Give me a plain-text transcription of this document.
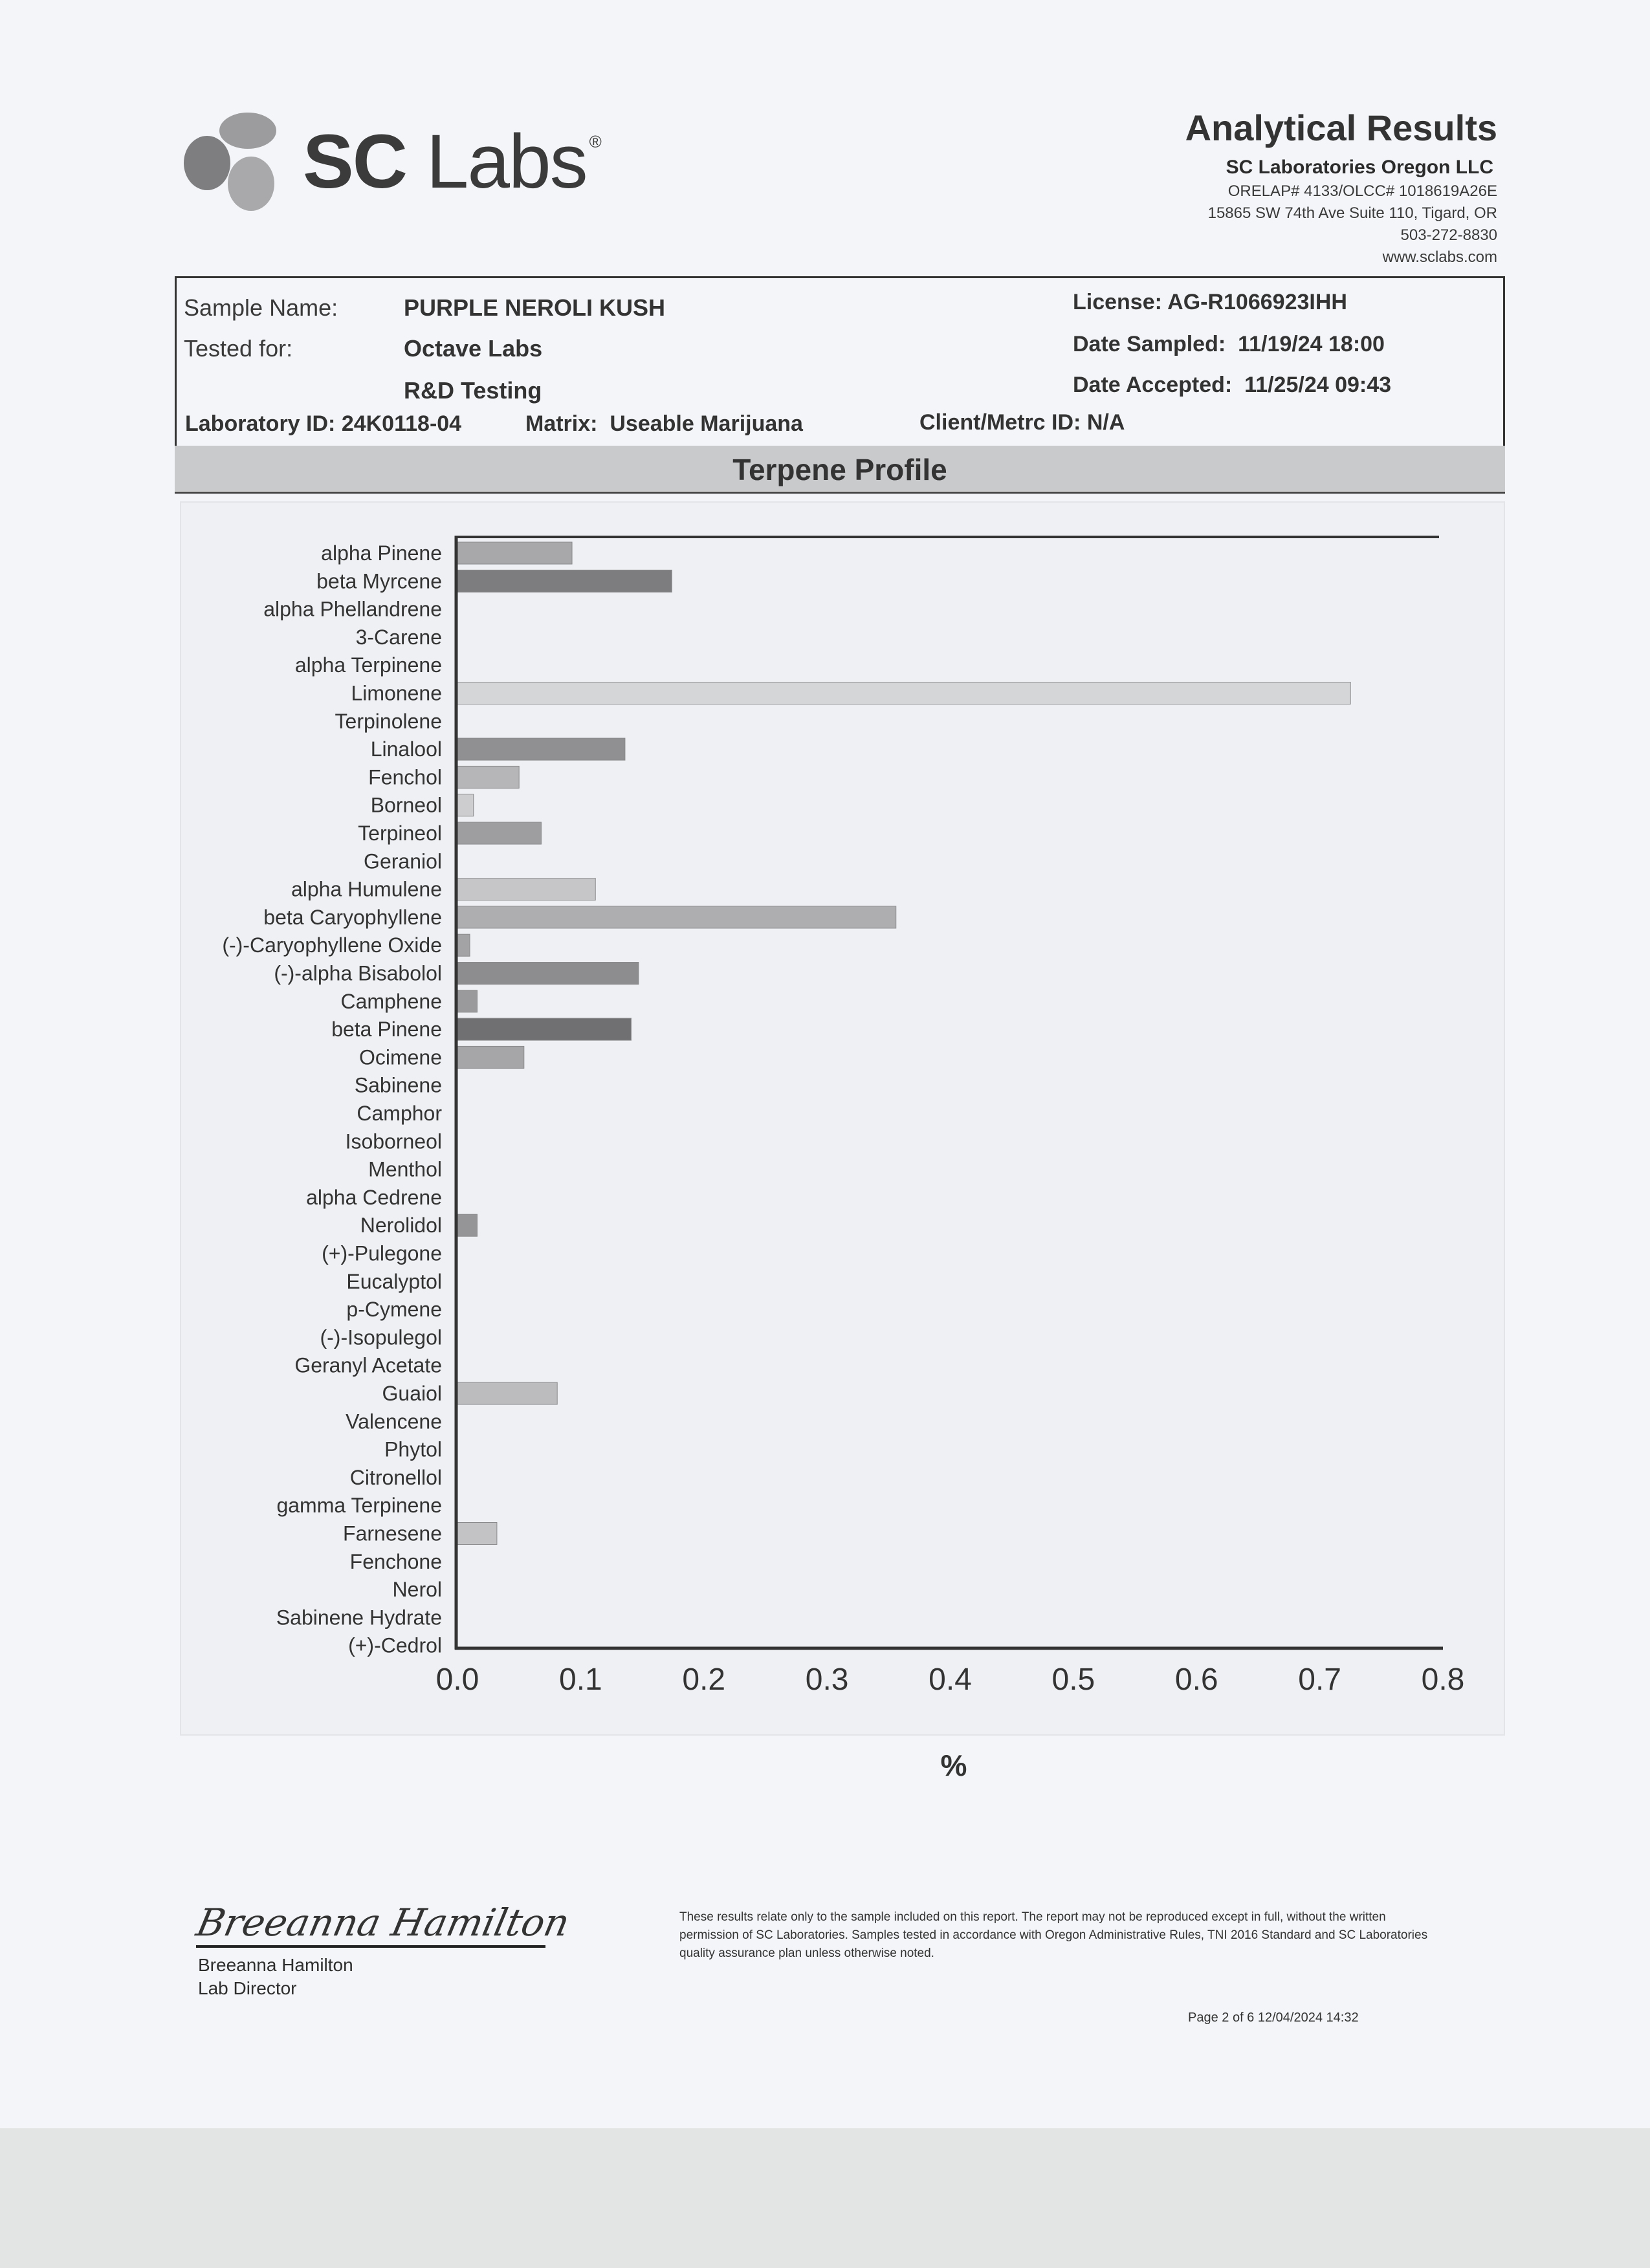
SC Labs ®	Analytical Results
SC Laboratories Oregon LLC
ORELAP# 4133/OLCC# 1018619A26E
15865 SW 74th Ave Suite 110, Tigard, OR
503-272-8830
www.sclabs.com
Sample Name:	PURPLE NEROLI KUSH
Tested for:	Octave Labs
R&D Testing
Laboratory ID: 24K0118-04	Matrix: Useable Marijuana	Client/Metrc ID: N/A
License: AG-R1066923IHH
Date Sampled: 11/19/24 18:00
Date Accepted: 11/25/24 09:43
Terpene Profile
alpha Pinene
beta Myrcene
alpha Phellandrene
3-Carene
alpha Terpinene
Limonene
Terpinolene
Linalool
Fenchol
Borneol
Terpineol
Geraniol
alpha Humulene
beta Caryophyllene
(-)-Caryophyllene Oxide
(-)-alpha Bisabolol
Camphene
beta Pinene
Ocimene
Sabinene
Camphor
Isoborneol
Menthol
alpha Cedrene
Nerolidol
(+)-Pulegone
Eucalyptol
p-Cymene
(-)-Isopulegol
Geranyl Acetate
Guaiol
Valencene
Phytol
Citronellol
gamma Terpinene
Farnesene
Fenchone
Nerol
Sabinene Hydrate
(+)-Cedrol
0.0	0.1	0.2	0.3	0.4	0.5	0.6	0.7	0.8
%
Breeanna Hamilton
Breeanna Hamilton
Lab Director
These results relate only to the sample included on this report. The report may not be reproduced except in full, without the written permission of SC Laboratories. Samples tested in accordance with Oregon Administrative Rules, TNI 2016 Standard and SC Laboratories quality assurance plan unless otherwise noted.
Page 2 of 6 12/04/2024 14:32
